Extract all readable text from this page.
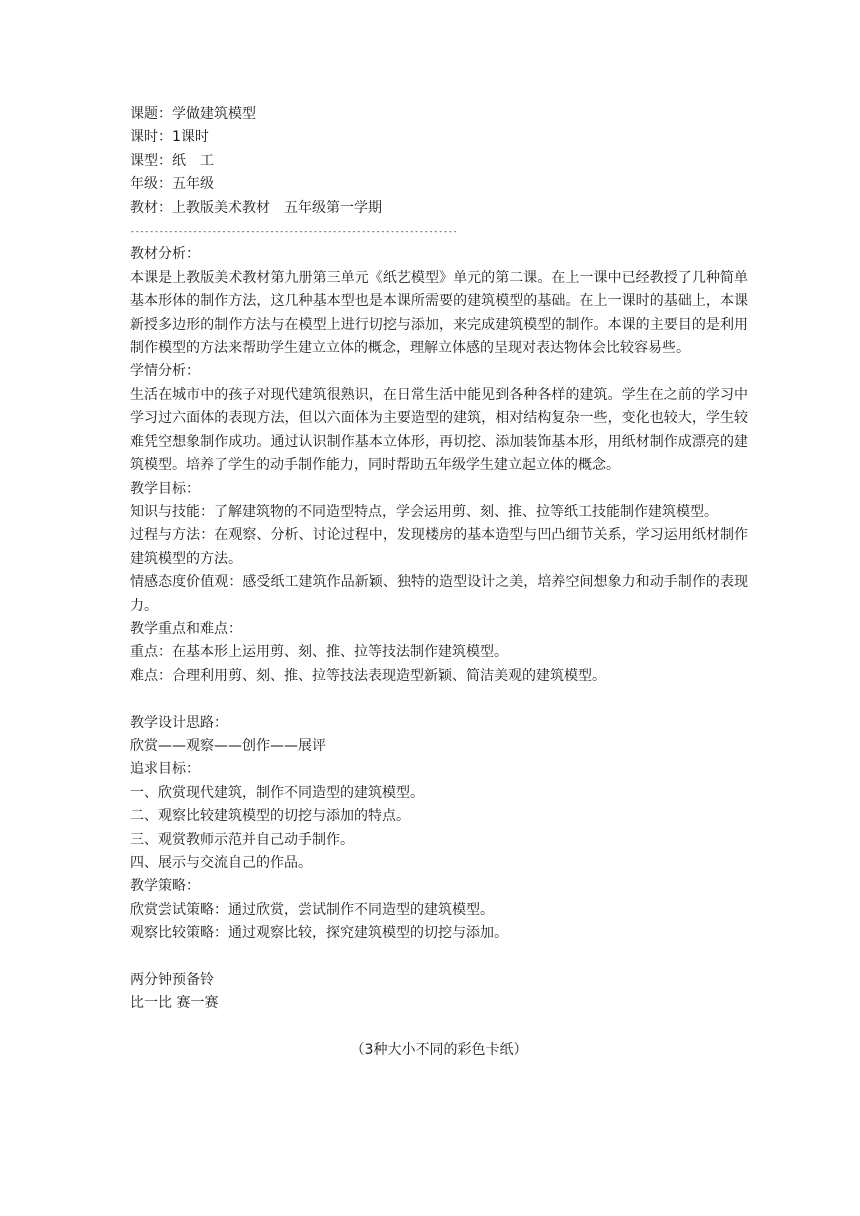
课题：学做建筑模型
课时：1课时
课型：纸　工
年级：五年级
教材：上教版美术教材　五年级第一学期
--------------------------------------------------------------------
教材分析：
本课是上教版美术教材第九册第三单元《纸艺模型》单元的第二课。在上一课中已经教授了几种简单基本形体的制作方法，这几种基本型也是本课所需要的建筑模型的基础。在上一课时的基础上，本课新授多边形的制作方法与在模型上进行切挖与添加，来完成建筑模型的制作。本课的主要目的是利用制作模型的方法来帮助学生建立立体的概念，理解立体感的呈现对表达物体会比较容易些。
学情分析：
生活在城市中的孩子对现代建筑很熟识，在日常生活中能见到各种各样的建筑。学生在之前的学习中学习过六面体的表现方法，但以六面体为主要造型的建筑，相对结构复杂一些，变化也较大，学生较难凭空想象制作成功。通过认识制作基本立体形，再切挖、添加装饰基本形，用纸材制作成漂亮的建筑模型。培养了学生的动手制作能力，同时帮助五年级学生建立起立体的概念。
教学目标：
知识与技能：了解建筑物的不同造型特点，学会运用剪、刻、推、拉等纸工技能制作建筑模型。
过程与方法：在观察、分析、讨论过程中，发现楼房的基本造型与凹凸细节关系，学习运用纸材制作建筑模型的方法。
情感态度价值观：感受纸工建筑作品新颖、独特的造型设计之美，培养空间想象力和动手制作的表现力。
教学重点和难点：
重点：在基本形上运用剪、刻、推、拉等技法制作建筑模型。
难点：合理利用剪、刻、推、拉等技法表现造型新颖、简洁美观的建筑模型。
教学设计思路：
欣赏——观察——创作——展评
追求目标：
一、欣赏现代建筑，制作不同造型的建筑模型。
二、观察比较建筑模型的切挖与添加的特点。
三、观赏教师示范并自己动手制作。
四、展示与交流自己的作品。
教学策略：
欣赏尝试策略：通过欣赏，尝试制作不同造型的建筑模型。
观察比较策略：通过观察比较，探究建筑模型的切挖与添加。
两分钟预备铃
比一比 赛一赛
（3种大小不同的彩色卡纸）
